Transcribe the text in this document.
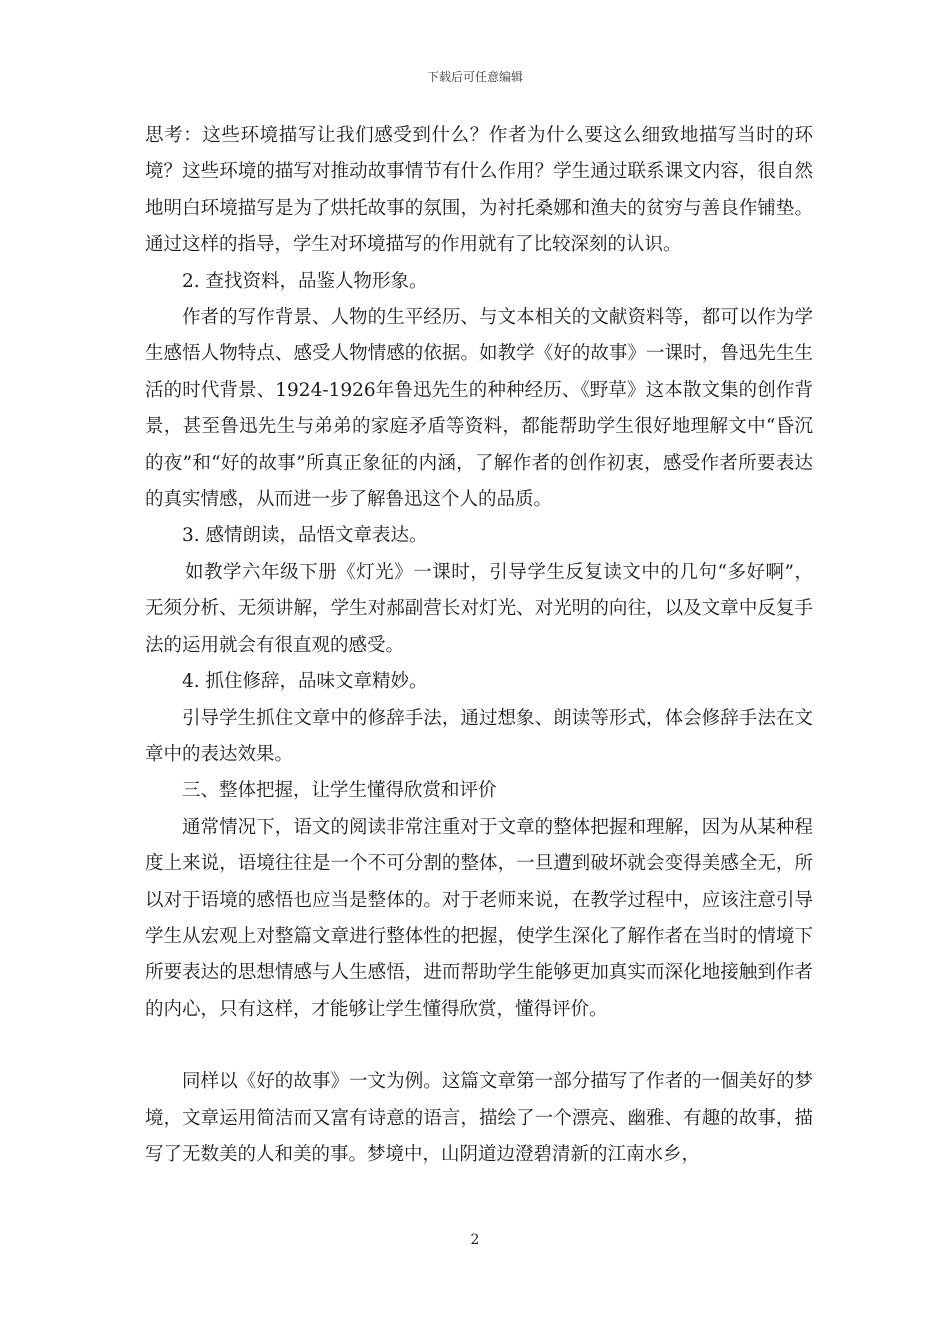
下载后可任意编辑

思考：这些环境描写让我们感受到什么？作者为什么要这么细致地描写当时的环境？这些环境的描写对推动故事情节有什么作用？学生通过联系课文内容，很自然地明白环境描写是为了烘托故事的氛围，为衬托桑娜和渔夫的贫穷与善良作铺垫。通过这样的指导，学生对环境描写的作用就有了比较深刻的认识。

2. 查找资料，品鉴人物形象。

作者的写作背景、人物的生平经历、与文本相关的文献资料等，都可以作为学生感悟人物特点、感受人物情感的依据。如教学《好的故事》一课时，鲁迅先生生活的时代背景、1924-1926年鲁迅先生的种种经历、《野草》这本散文集的创作背景，甚至鲁迅先生与弟弟的家庭矛盾等资料，都能帮助学生很好地理解文中“昏沉的夜”和“好的故事”所真正象征的内涵，了解作者的创作初衷，感受作者所要表达的真实情感，从而进一步了解鲁迅这个人的品质。

3. 感情朗读，品悟文章表达。

如教学六年级下册《灯光》一课时，引导学生反复读文中的几句“多好啊”，无须分析、无须讲解，学生对郝副营长对灯光、对光明的向往，以及文章中反复手法的运用就会有很直观的感受。

4. 抓住修辞，品味文章精妙。

引导学生抓住文章中的修辞手法，通过想象、朗读等形式，体会修辞手法在文章中的表达效果。

三、整体把握，让学生懂得欣赏和评价

通常情况下，语文的阅读非常注重对于文章的整体把握和理解，因为从某种程度上来说，语境往往是一个不可分割的整体，一旦遭到破坏就会变得美感全无，所以对于语境的感悟也应当是整体的。对于老师来说，在教学过程中，应该注意引导学生从宏观上对整篇文章进行整体性的把握，使学生深化了解作者在当时的情境下所要表达的思想情感与人生感悟，进而帮助学生能够更加真实而深化地接触到作者的内心，只有这样，才能够让学生懂得欣赏，懂得评价。

同样以《好的故事》一文为例。这篇文章第一部分描写了作者的一個美好的梦境，文章运用简洁而又富有诗意的语言，描绘了一个漂亮、幽雅、有趣的故事，描写了无数美的人和美的事。梦境中，山阴道边澄碧清新的江南水乡，

2
